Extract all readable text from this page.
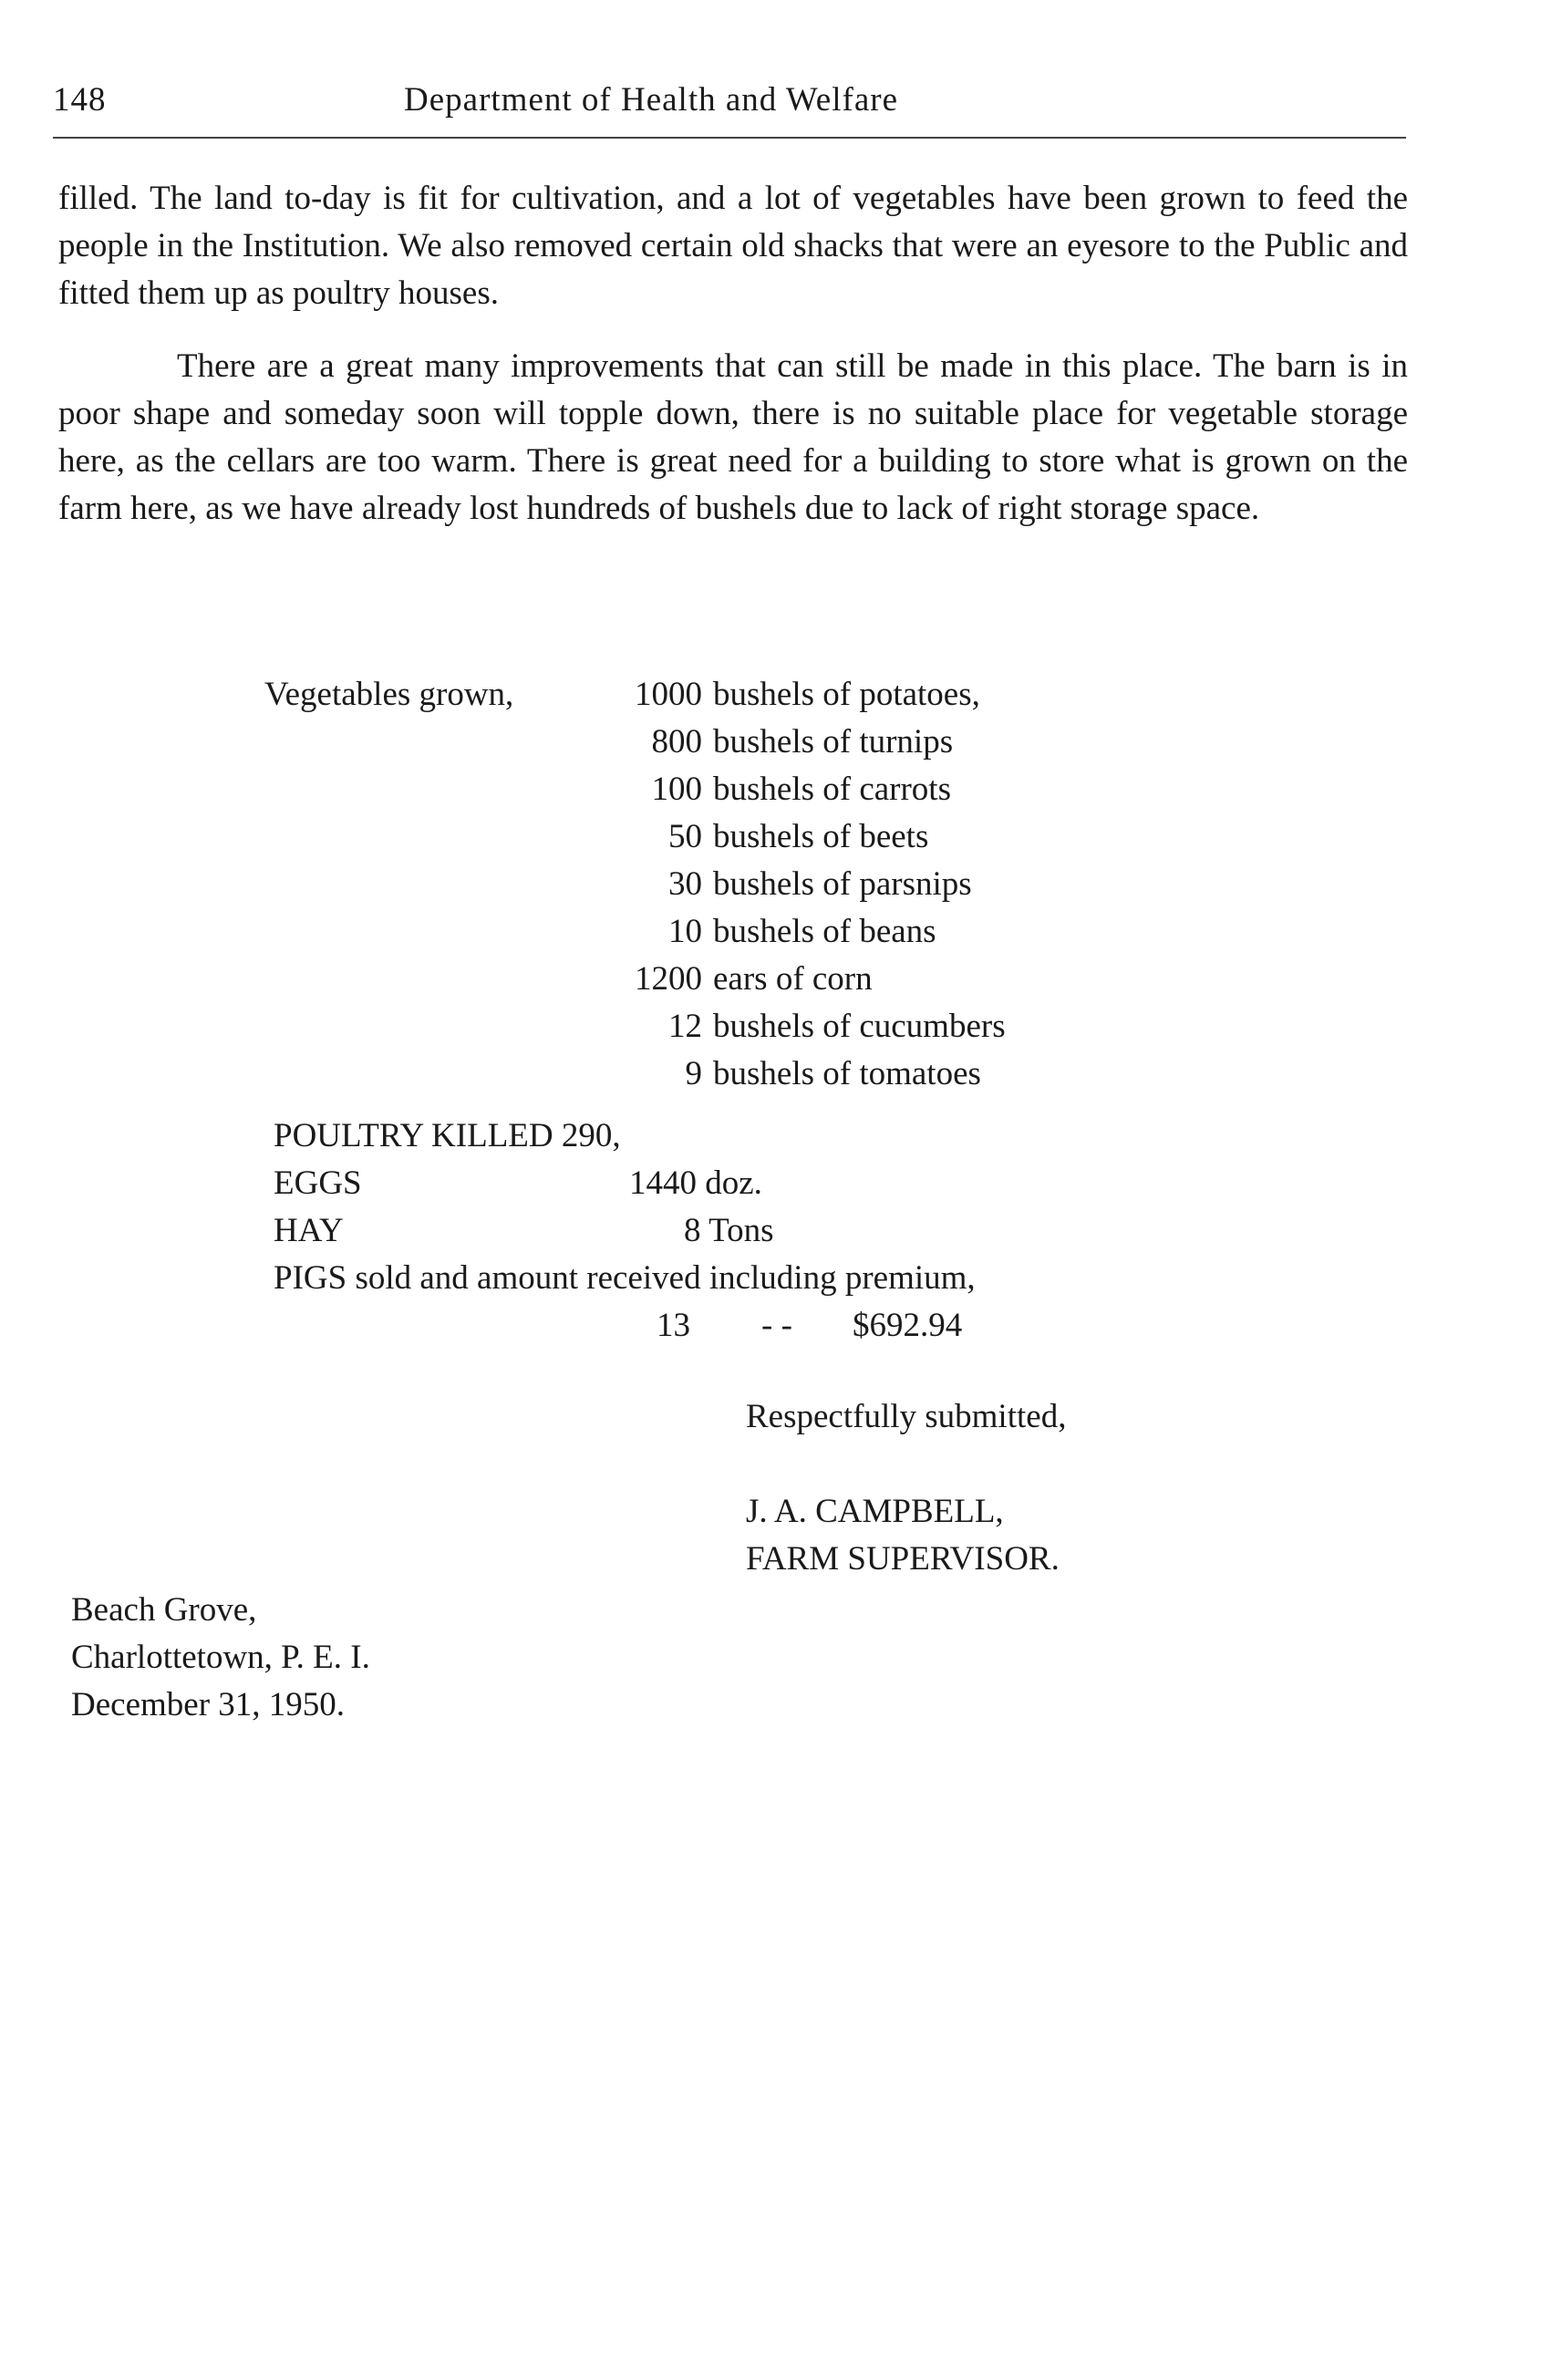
148	Department of Health and Welfare

filled. The land to-day is fit for cultivation, and a lot of vegetables have been grown to feed the people in the Institution. We also removed certain old shacks that were an eyesore to the Public and fitted them up as poultry houses.

There are a great many improvements that can still be made in this place. The barn is in poor shape and someday soon will topple down, there is no suitable place for vegetable storage here, as the cellars are too warm. There is great need for a building to store what is grown on the farm here, as we have already lost hundreds of bushels due to lack of right storage space.

Vegetables grown,	1000 bushels of potatoes,
800 bushels of turnips
100 bushels of carrots
50 bushels of beets
30 bushels of parsnips
10 bushels of beans
1200 ears of corn
12 bushels of cucumbers
9 bushels of tomatoes
POULTRY KILLED 290,
EGGS	1440 doz.
HAY	8 Tons
PIGS sold and amount received including premium,
13 - - $692.94
Respectfully submitted,
J. A. CAMPBELL,
FARM SUPERVISOR.
Beach Grove,
Charlottetown, P. E. I.
December 31, 1950.
